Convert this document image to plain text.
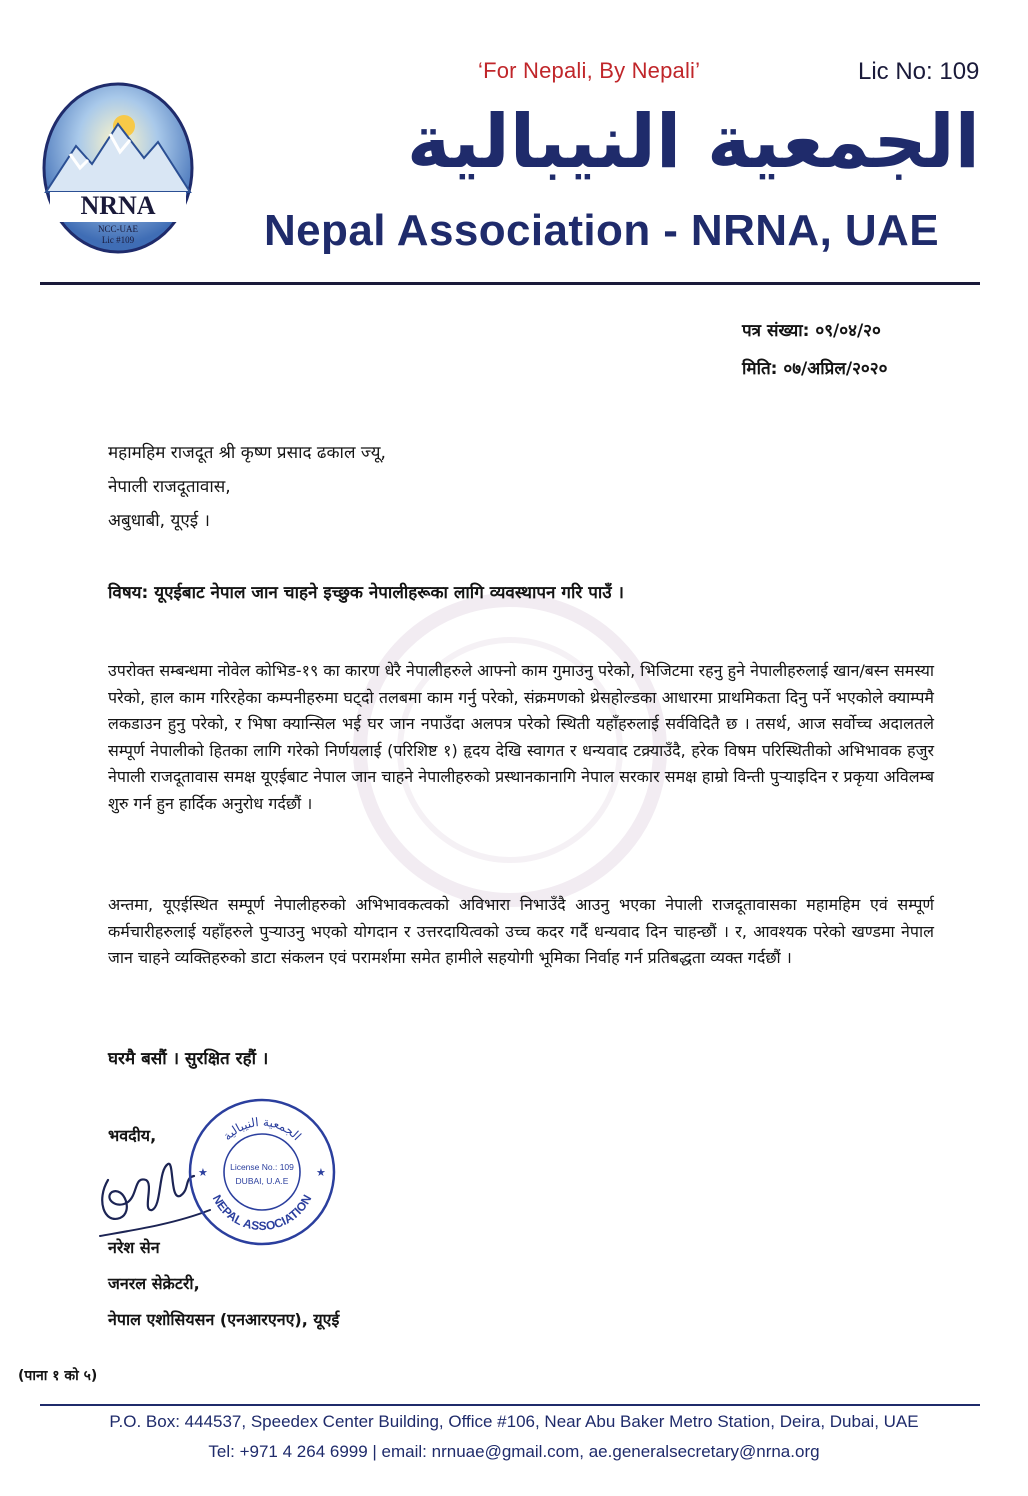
NRNA
NCC-UAE
Lic #109
‘For Nepali, By Nepali’	Lic No: 109
الجمعية النيبالية
Nepal Association - NRNA, UAE
पत्र संख्या: ०९/०४/२०
मिति: ०७/अप्रिल/२०२०
महामहिम राजदूत श्री कृष्ण प्रसाद ढकाल ज्यू,
नेपाली राजदूतावास,
अबुधाबी, यूएई ।
विषय: यूएईबाट नेपाल जान चाहने इच्छुक नेपालीहरूका लागि व्यवस्थापन गरि पाउँ ।
उपरोक्त सम्बन्धमा नोवेल कोभिड-१९ का कारण धेरै नेपालीहरुले आफ्नो काम गुमाउनु परेको, भिजिटमा रहनु हुने नेपालीहरुलाई खान/बस्न समस्या परेको, हाल काम गरिरहेका कम्पनीहरुमा घट्दो तलबमा काम गर्नु परेको, संक्रमणको थ्रेसहोल्डका आधारमा प्राथमिकता दिनु पर्ने भएकोले क्याम्पमै लकडाउन हुनु परेको, र भिषा क्यान्सिल भई घर जान नपाउँदा अलपत्र परेको स्थिती यहाँहरुलाई सर्वविदितै छ । तसर्थ, आज सर्वोच्च अदालतले सम्पूर्ण नेपालीको हितका लागि गरेको निर्णयलाई (परिशिष्ट १) हृदय देखि स्वागत र धन्यवाद टक्र्याउँदै, हरेक विषम परिस्थितीको अभिभावक हजुर नेपाली राजदूतावास समक्ष यूएईबाट नेपाल जान चाहने नेपालीहरुको प्रस्थानकानागि नेपाल सरकार समक्ष हाम्रो विन्ती पुऱ्याइदिन र प्रकृया अविलम्ब शुरु गर्न हुन हार्दिक अनुरोध गर्दछौं ।
अन्तमा, यूएईस्थित सम्पूर्ण नेपालीहरुको अभिभावकत्वको अविभारा निभाउँदै आउनु भएका नेपाली राजदूतावासका महामहिम एवं सम्पूर्ण कर्मचारीहरुलाई यहाँहरुले पुऱ्याउनु भएको योगदान र उत्तरदायित्वको उच्च कदर गर्दै धन्यवाद दिन चाहन्छौं । र, आवश्यक परेको खण्डमा नेपाल जान चाहने व्यक्तिहरुको डाटा संकलन एवं परामर्शमा समेत हामीले सहयोगी भूमिका निर्वाह गर्न प्रतिबद्धता व्यक्त गर्दछौं ।
घरमै बसौं । सुरक्षित रहौं ।
भवदीय,	الجمعية النيبالية
NEPAL ASSOCIATION
License No.: 109
DUBAI, U.A.E
★	★
नरेश सेन
जनरल सेक्रेटरी,
नेपाल एशोसियसन (एनआरएनए), यूएई
(पाना १ को ५)
P.O. Box: 444537, Speedex Center Building, Office #106, Near Abu Baker Metro Station, Deira, Dubai, UAE
Tel: +971 4 264 6999 | email: nrnuae@gmail.com, ae.generalsecretary@nrna.org
